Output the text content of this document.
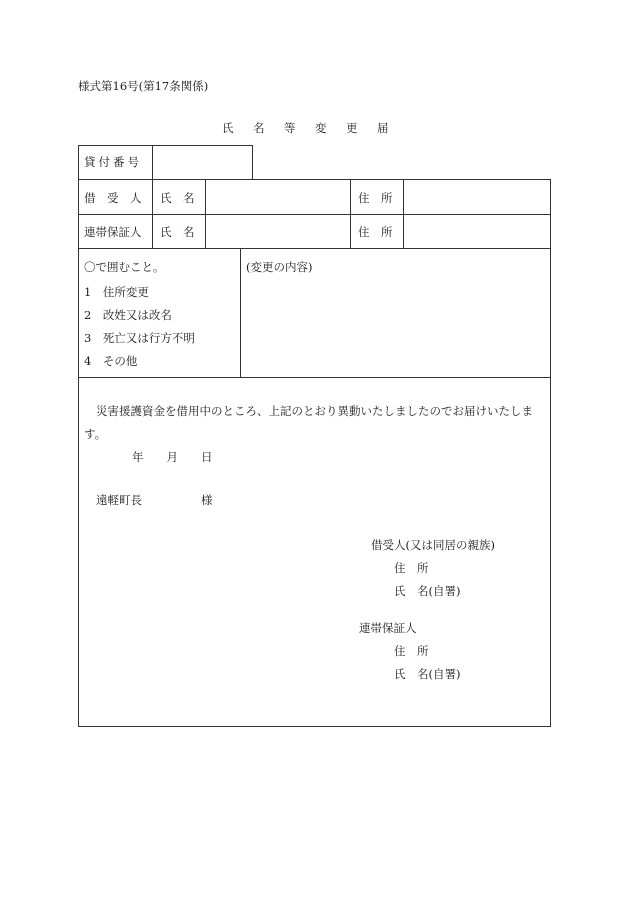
様式第16号(第17条関係)
氏　名　等　変　更　届
貸付番号
借　受　人 氏　名	住　所
連帯保証人 氏　名	住　所
〇で囲むこと。
1　住所変更
2　改姓又は改名
3　死亡又は行方不明
4　その他
(変更の内容)
災害援護資金を借用中のところ、上記のとおり異動いたしましたのでお届けいたしま
す。
年　　月　　日
遠軽町長	様
借受人(又は同居の親族)
住　所
氏　名(自署)
連帯保証人
住　所
氏　名(自署)
